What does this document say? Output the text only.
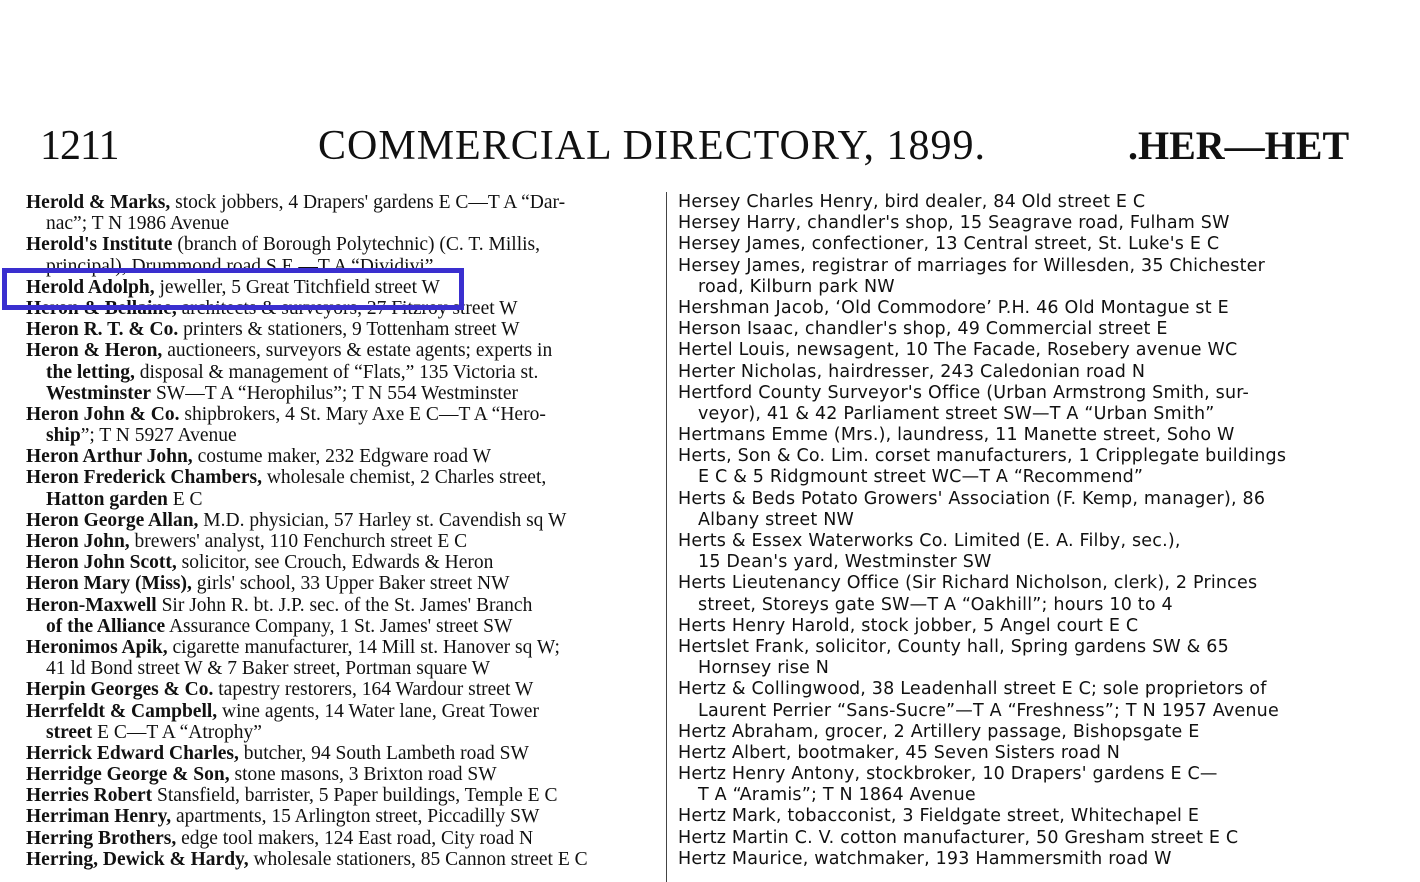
1211	COMMERCIAL DIRECTORY, 1899.	.HER—HET
Herold & Marks, stock jobbers, 4 Drapers' gardens E C—T A “Dar-
nac”; T N 1986 Avenue
Herold's Institute (branch of Borough Polytechnic) (C. T. Millis,
principal), Drummond road S E —T A “Dividivi”
Herold Adolph, jeweller, 5 Great Titchfield street W
Heron & Bellaine, architects & surveyors, 27 Fitzroy street W
Heron R. T. & Co. printers & stationers, 9 Tottenham street W
Heron & Heron, auctioneers, surveyors & estate agents; experts in
the letting, disposal & management of “Flats,” 135 Victoria st.
Westminster SW—T A “Herophilus”; T N 554 Westminster
Heron John & Co. shipbrokers, 4 St. Mary Axe E C—T A “Hero-
ship”; T N 5927 Avenue
Heron Arthur John, costume maker, 232 Edgware road W
Heron Frederick Chambers, wholesale chemist, 2 Charles street,
Hatton garden E C
Heron George Allan, M.D. physician, 57 Harley st. Cavendish sq W
Heron John, brewers' analyst, 110 Fenchurch street E C
Heron John Scott, solicitor, see Crouch, Edwards & Heron
Heron Mary (Miss), girls' school, 33 Upper Baker street NW
Heron-Maxwell Sir John R. bt. J.P. sec. of the St. James' Branch
of the Alliance Assurance Company, 1 St. James' street SW
Heronimos Apik, cigarette manufacturer, 14 Mill st. Hanover sq W;
41 ld Bond street W & 7 Baker street, Portman square W
Herpin Georges & Co. tapestry restorers, 164 Wardour street W
Herrfeldt & Campbell, wine agents, 14 Water lane, Great Tower
street E C—T A “Atrophy”
Herrick Edward Charles, butcher, 94 South Lambeth road SW
Herridge George & Son, stone masons, 3 Brixton road SW
Herries Robert Stansfield, barrister, 5 Paper buildings, Temple E C
Herriman Henry, apartments, 15 Arlington street, Piccadilly SW
Herring Brothers, edge tool makers, 124 East road, City road N
Herring, Dewick & Hardy, wholesale stationers, 85 Cannon street E C
Hersey Charles Henry, bird dealer, 84 Old street E C
Hersey Harry, chandler's shop, 15 Seagrave road, Fulham SW
Hersey James, confectioner, 13 Central street, St. Luke's E C
Hersey James, registrar of marriages for Willesden, 35 Chichester
road, Kilburn park NW
Hershman Jacob, ‘Old Commodore’ P.H. 46 Old Montague st E
Herson Isaac, chandler's shop, 49 Commercial street E
Hertel Louis, newsagent, 10 The Facade, Rosebery avenue WC
Herter Nicholas, hairdresser, 243 Caledonian road N
Hertford County Surveyor's Office (Urban Armstrong Smith, sur-
veyor), 41 & 42 Parliament street SW—T A “Urban Smith”
Hertmans Emme (Mrs.), laundress, 11 Manette street, Soho W
Herts, Son & Co. Lim. corset manufacturers, 1 Cripplegate buildings
E C & 5 Ridgmount street WC—T A “Recommend”
Herts & Beds Potato Growers' Association (F. Kemp, manager), 86
Albany street NW
Herts & Essex Waterworks Co. Limited (E. A. Filby, sec.),
15 Dean's yard, Westminster SW
Herts Lieutenancy Office (Sir Richard Nicholson, clerk), 2 Princes
street, Storeys gate SW—T A “Oakhill”; hours 10 to 4
Herts Henry Harold, stock jobber, 5 Angel court E C
Hertslet Frank, solicitor, County hall, Spring gardens SW & 65
Hornsey rise N
Hertz & Collingwood, 38 Leadenhall street E C; sole proprietors of
Laurent Perrier “Sans-Sucre”—T A “Freshness”; T N 1957 Avenue
Hertz Abraham, grocer, 2 Artillery passage, Bishopsgate E
Hertz Albert, bootmaker, 45 Seven Sisters road N
Hertz Henry Antony, stockbroker, 10 Drapers' gardens E C—
T A “Aramis”; T N 1864 Avenue
Hertz Mark, tobacconist, 3 Fieldgate street, Whitechapel E
Hertz Martin C. V. cotton manufacturer, 50 Gresham street E C
Hertz Maurice, watchmaker, 193 Hammersmith road W
